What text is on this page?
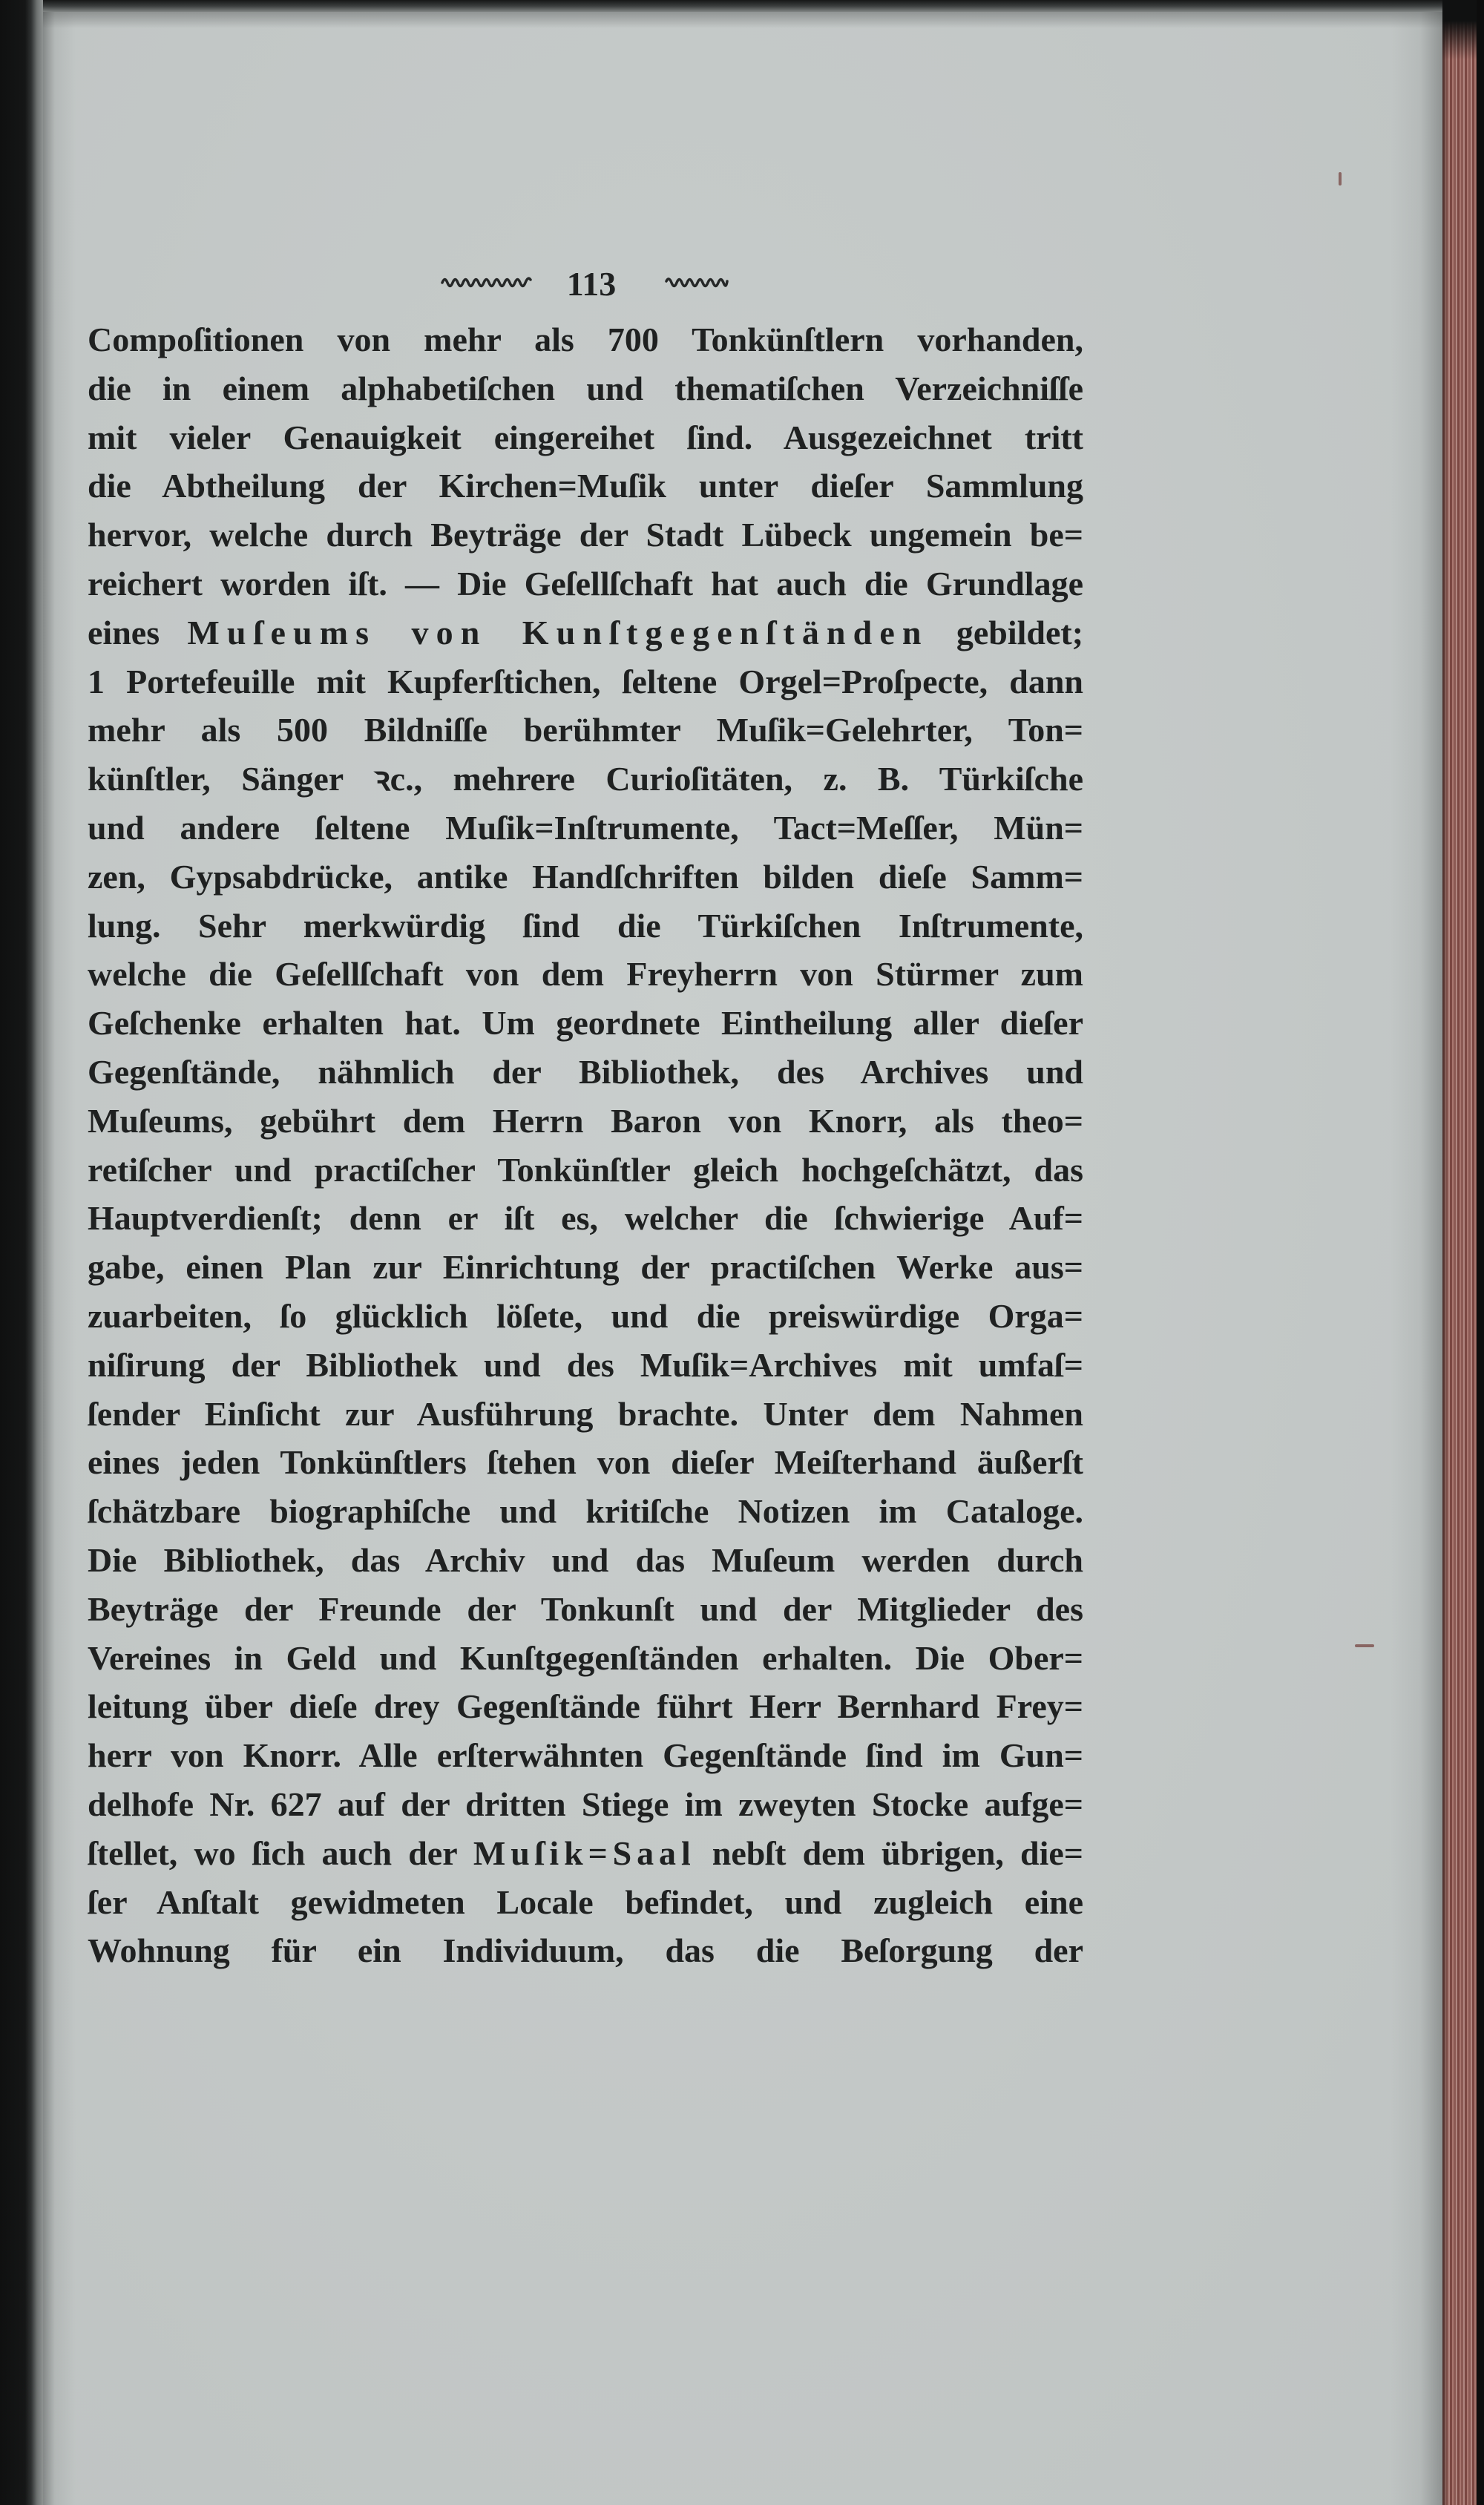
113
Compoſitionen von mehr als 700 Tonkünſtlern vorhanden,
die in einem alphabetiſchen und thematiſchen Verzeichniſſe
mit vieler Genauigkeit eingereihet ſind. Ausgezeichnet tritt
die Abtheilung der Kirchen=Muſik unter dieſer Sammlung
hervor, welche durch Beyträge der Stadt Lübeck ungemein be=
reichert worden iſt. — Die Geſellſchaft hat auch die Grundlage
eines Muſeums von Kunſtgegenſtänden gebildet;
1 Portefeuille mit Kupferſtichen, ſeltene Orgel=Proſpecte, dann
mehr als 500 Bildniſſe berühmter Muſik=Gelehrter, Ton=
künſtler, Sänger ꝛc., mehrere Curioſitäten, z. B. Türkiſche
und andere ſeltene Muſik=Inſtrumente, Tact=Meſſer, Mün=
zen, Gypsabdrücke, antike Handſchriften bilden dieſe Samm=
lung. Sehr merkwürdig ſind die Türkiſchen Inſtrumente,
welche die Geſellſchaft von dem Freyherrn von Stürmer zum
Geſchenke erhalten hat. Um geordnete Eintheilung aller dieſer
Gegenſtände, nähmlich der Bibliothek, des Archives und
Muſeums, gebührt dem Herrn Baron von Knorr, als theo=
retiſcher und practiſcher Tonkünſtler gleich hochgeſchätzt, das
Hauptverdienſt; denn er iſt es, welcher die ſchwierige Auf=
gabe, einen Plan zur Einrichtung der practiſchen Werke aus=
zuarbeiten, ſo glücklich löſete, und die preiswürdige Orga=
niſirung der Bibliothek und des Muſik=Archives mit umfaſ=
ſender Einſicht zur Ausführung brachte. Unter dem Nahmen
eines jeden Tonkünſtlers ſtehen von dieſer Meiſterhand äußerſt
ſchätzbare biographiſche und kritiſche Notizen im Cataloge.
Die Bibliothek, das Archiv und das Muſeum werden durch
Beyträge der Freunde der Tonkunſt und der Mitglieder des
Vereines in Geld und Kunſtgegenſtänden erhalten. Die Ober=
leitung über dieſe drey Gegenſtände führt Herr Bernhard Frey=
herr von Knorr. Alle erſterwähnten Gegenſtände ſind im Gun=
delhofe Nr. 627 auf der dritten Stiege im zweyten Stocke aufge=
ſtellet, wo ſich auch der Muſik=Saal nebſt dem übrigen, die=
ſer Anſtalt gewidmeten Locale befindet, und zugleich eine
Wohnung für ein Individuum, das die Beſorgung der
